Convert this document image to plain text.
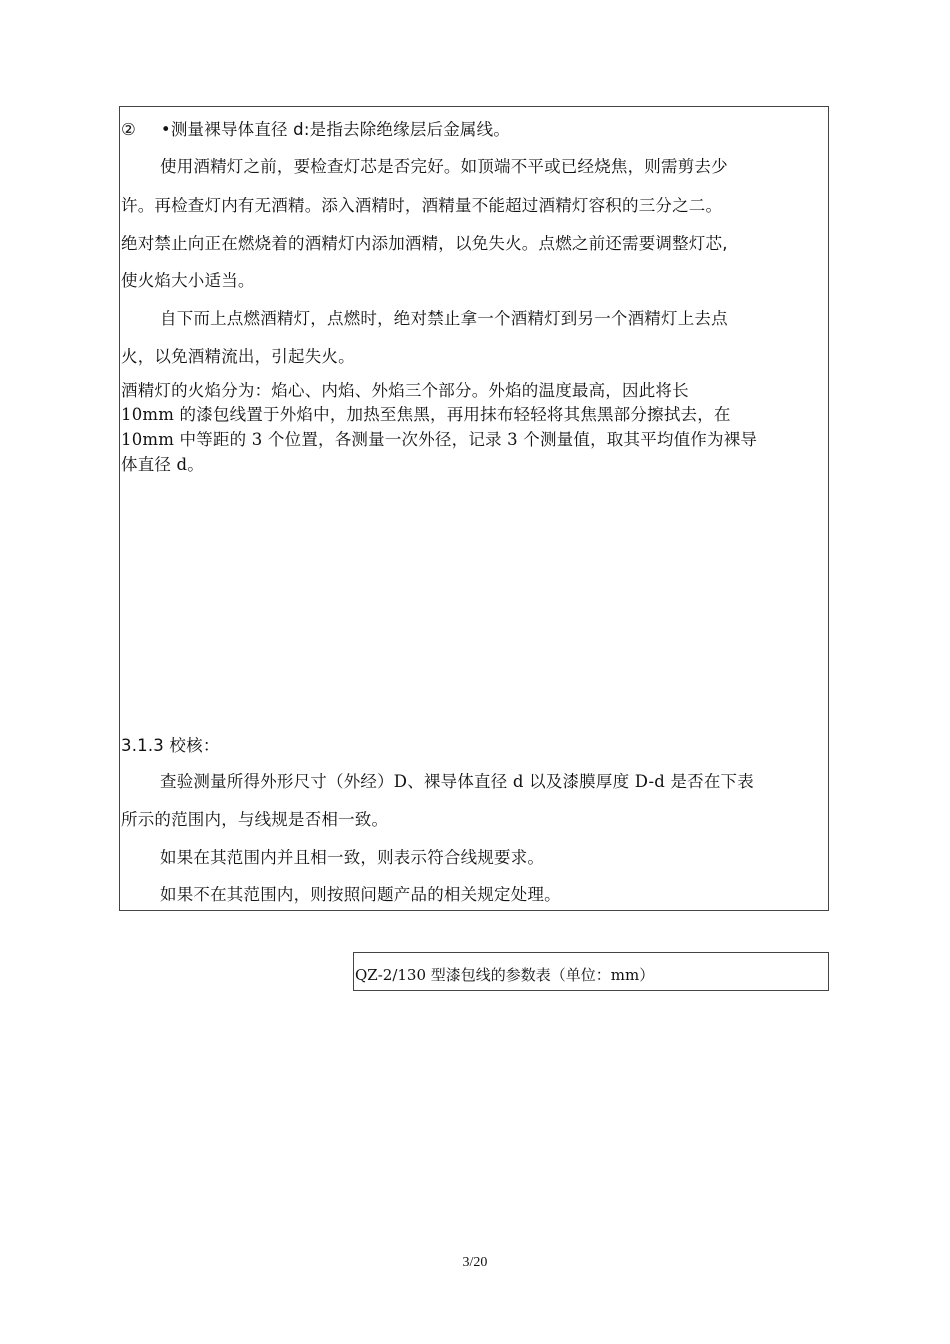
② •测量裸导体直径 d:是指去除绝缘层后金属线。
使用酒精灯之前，要检查灯芯是否完好。如顶端不平或已经烧焦，则需剪去少
许。再检查灯内有无酒精。添入酒精时，酒精量不能超过酒精灯容积的三分之二。
绝对禁止向正在燃烧着的酒精灯内添加酒精，以免失火。点燃之前还需要调整灯芯,
使火焰大小适当。
自下而上点燃酒精灯，点燃时，绝对禁止拿一个酒精灯到另一个酒精灯上去点
火，以免酒精流出，引起失火。
酒精灯的火焰分为：焰心、内焰、外焰三个部分。外焰的温度最高，因此将长
10mm 的漆包线置于外焰中，加热至焦黑，再用抹布轻轻将其焦黑部分擦拭去，在
10mm 中等距的 3 个位置，各测量一次外径，记录 3 个测量值，取其平均值作为裸导
体直径 d。
3.1.3 校核：
查验测量所得外形尺寸（外经）D、裸导体直径 d 以及漆膜厚度 D-d 是否在下表
所示的范围内，与线规是否相一致。
如果在其范围内并且相一致，则表示符合线规要求。
如果不在其范围内，则按照问题产品的相关规定处理。
QZ-2/130 型漆包线的参数表（单位：mm）
3/20
